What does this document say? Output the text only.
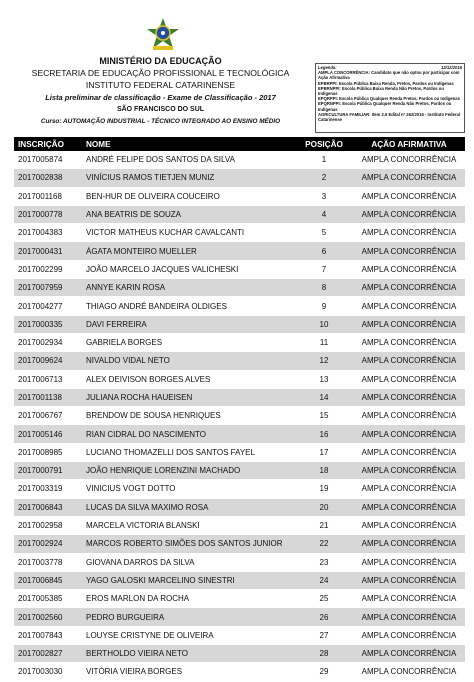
MINISTÉRIO DA EDUCAÇÃO
SECRETARIA DE EDUCAÇÃO PROFISSIONAL E TECNOLÓGICA
INSTITUTO FEDERAL CATARINENSE
Lista preliminar de classificação - Exame de Classificação - 2017
SÃO FRANCISCO DO SUL
Curso: AUTOMAÇÃO INDUSTRIAL - TÉCNICO INTEGRADO AO ENSINO MÉDIO
Legenda:	12/12/2016
AMPLA CONCORRÊNCIA: Candidato que não optou por participar com Ação Afirmativa
EPBRPPI: Escola Pública Baixa Renda, Pretos, Pardos ou Indígenas
EPBRNPPI: Escola Pública Baixa Renda Não Pretos, Pardos ou Indígenas
EPQRPPI: Escola Pública Qualquer Renda Pretos, Pardos ou Indígenas
EPQRNPPI: Escola Pública Qualquer Renda Não Pretos, Pardos ou Indígenas
AGRICULTURA FAMILIAR: Item 2.6 Edital nº 262/2016 - Instituto Federal Catarinense
INSCRIÇÃO	NOME	POSIÇÃO	AÇÃO AFIRMATIVA
2017005874	ANDRÉ FELIPE DOS SANTOS DA SILVA	1	AMPLA CONCORRÊNCIA
2017002838	VINÍCIUS RAMOS TIETJEN MUNIZ	2	AMPLA CONCORRÊNCIA
2017001168	BEN-HUR DE OLIVEIRA COUCEIRO	3	AMPLA CONCORRÊNCIA
2017000778	ANA BEATRIS DE SOUZA	4	AMPLA CONCORRÊNCIA
2017004383	VICTOR MATHEUS KUCHAR CAVALCANTI	5	AMPLA CONCORRÊNCIA
2017000431	ÁGATA MONTEIRO MUELLER	6	AMPLA CONCORRÊNCIA
2017002299	JOÃO MARCELO JACQUES VALICHESKI	7	AMPLA CONCORRÊNCIA
2017007959	ANNYE KARIN ROSA	8	AMPLA CONCORRÊNCIA
2017004277	THIAGO ANDRÉ BANDEIRA OLDIGES	9	AMPLA CONCORRÊNCIA
2017000335	DAVI FERREIRA	10	AMPLA CONCORRÊNCIA
2017002934	GABRIELA BORGES	11	AMPLA CONCORRÊNCIA
2017009624	NIVALDO VIDAL NETO	12	AMPLA CONCORRÊNCIA
2017006713	ALEX DEIVISON BORGES ALVES	13	AMPLA CONCORRÊNCIA
2017001138	JULIANA ROCHA HAUEISEN	14	AMPLA CONCORRÊNCIA
2017006767	BRENDOW DE SOUSA HENRIQUES	15	AMPLA CONCORRÊNCIA
2017005146	RIAN CIDRAL DO NASCIMENTO	16	AMPLA CONCORRÊNCIA
2017008985	LUCIANO THOMAZELLI DOS SANTOS FAYEL	17	AMPLA CONCORRÊNCIA
2017000791	JOÃO HENRIQUE LORENZINI MACHADO	18	AMPLA CONCORRÊNCIA
2017003319	VINICIUS VOGT DOTTO	19	AMPLA CONCORRÊNCIA
2017006843	LUCAS DA SILVA MAXIMO ROSA	20	AMPLA CONCORRÊNCIA
2017002958	MARCELA VICTORIA BLANSKI	21	AMPLA CONCORRÊNCIA
2017002924	MARCOS ROBERTO SIMÕES DOS SANTOS JUNIOR	22	AMPLA CONCORRÊNCIA
2017003778	GIOVANA DARROS DA SILVA	23	AMPLA CONCORRÊNCIA
2017006845	YAGO GALOSKI MARCELINO SINESTRI	24	AMPLA CONCORRÊNCIA
2017005385	EROS MARLON DA ROCHA	25	AMPLA CONCORRÊNCIA
2017002560	PEDRO BURGUEIRA	26	AMPLA CONCORRÊNCIA
2017007843	LOUYSE CRISTYNE DE OLIVEIRA	27	AMPLA CONCORRÊNCIA
2017002827	BERTHOLDO VIEIRA NETO	28	AMPLA CONCORRÊNCIA
2017003030	VITÓRIA VIEIRA BORGES	29	AMPLA CONCORRÊNCIA
